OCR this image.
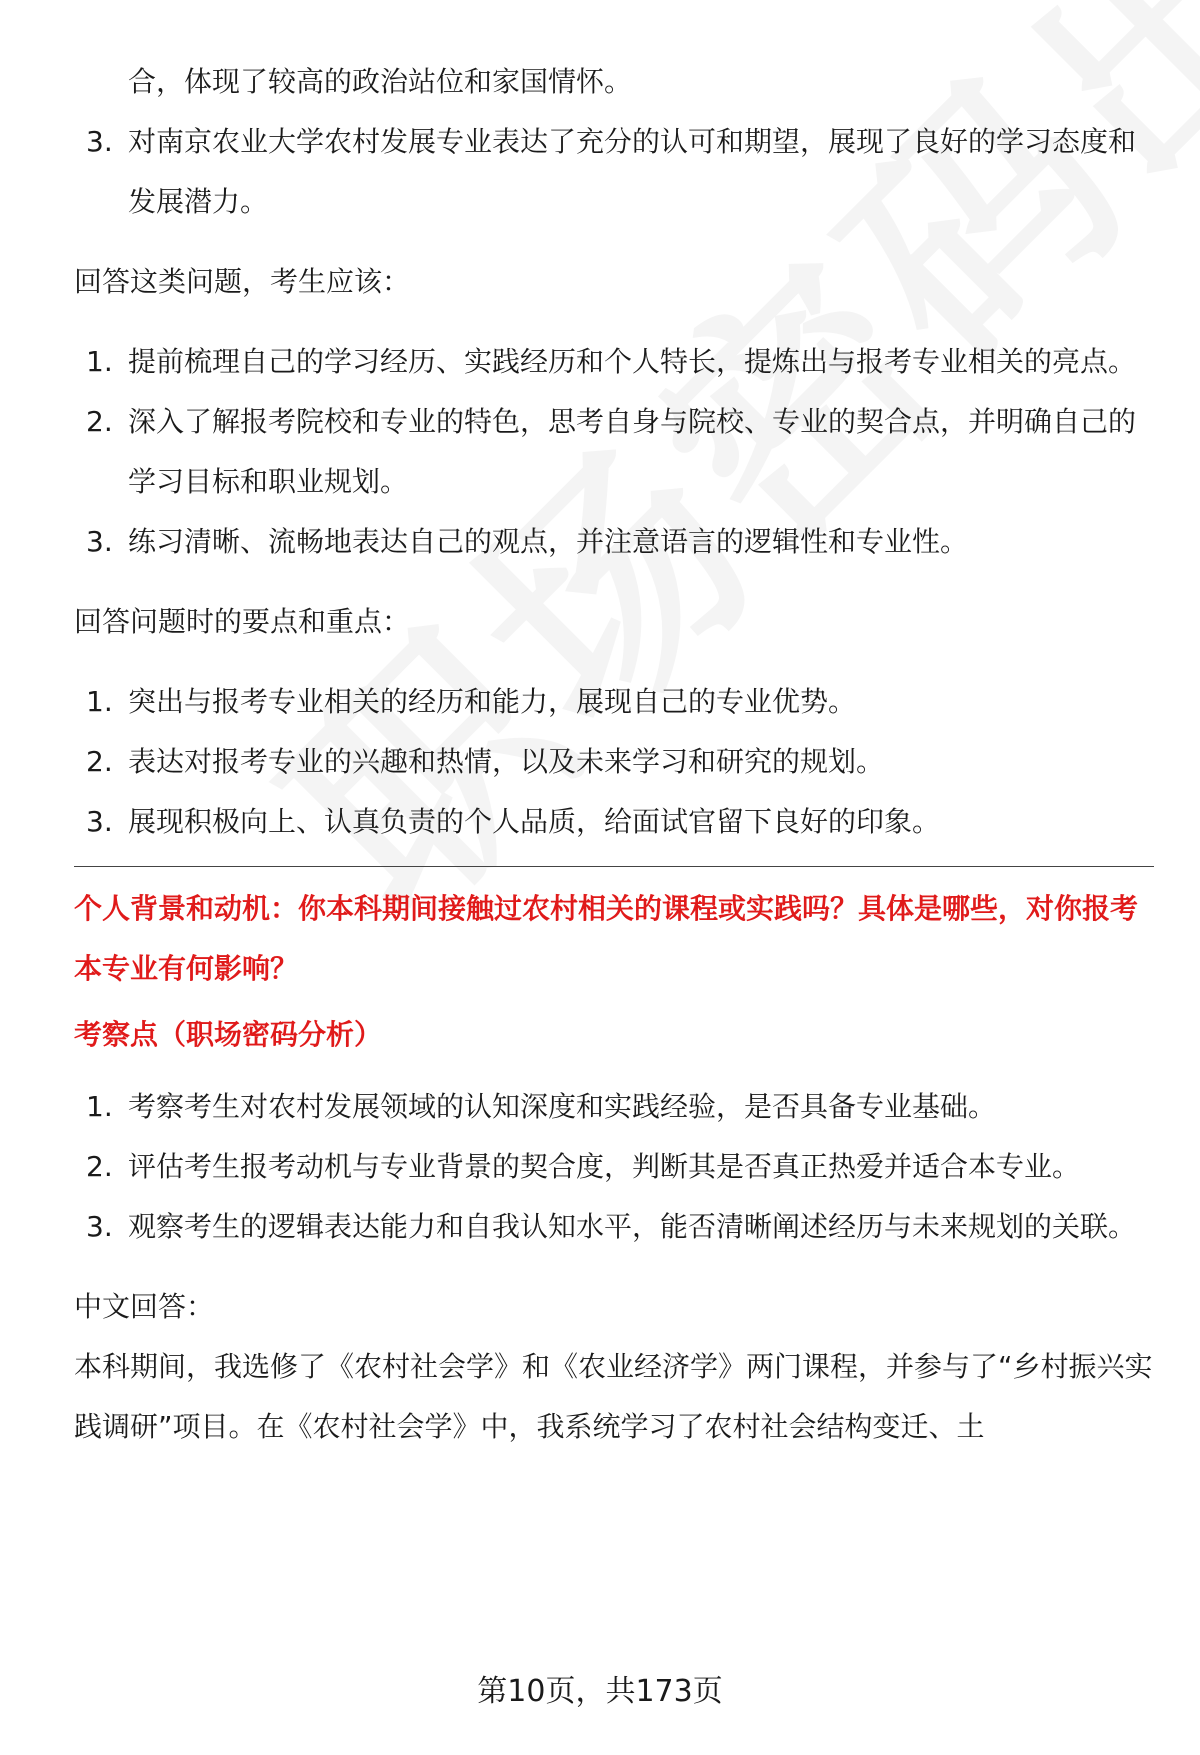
合，体现了较高的政治站位和家国情怀。

3. 对南京农业大学农村发展专业表达了充分的认可和期望，展现了良好的学习态度和发展潜力。

回答这类问题，考生应该：

1. 提前梳理自己的学习经历、实践经历和个人特长，提炼出与报考专业相关的亮点。
2. 深入了解报考院校和专业的特色，思考自身与院校、专业的契合点，并明确自己的学习目标和职业规划。
3. 练习清晰、流畅地表达自己的观点，并注意语言的逻辑性和专业性。

回答问题时的要点和重点：

1. 突出与报考专业相关的经历和能力，展现自己的专业优势。
2. 表达对报考专业的兴趣和热情，以及未来学习和研究的规划。
3. 展现积极向上、认真负责的个人品质，给面试官留下良好的印象。

个人背景和动机：你本科期间接触过农村相关的课程或实践吗？具体是哪些，对你报考本专业有何影响？

考察点（职场密码分析）

1. 考察考生对农村发展领域的认知深度和实践经验，是否具备专业基础。
2. 评估考生报考动机与专业背景的契合度，判断其是否真正热爱并适合本专业。
3. 观察考生的逻辑表达能力和自我认知水平，能否清晰阐述经历与未来规划的关联。

中文回答：

本科期间，我选修了《农村社会学》和《农业经济学》两门课程，并参与了“乡村振兴实践调研”项目。在《农村社会学》中，我系统学习了农村社会结构变迁、土

第10页，共173页
